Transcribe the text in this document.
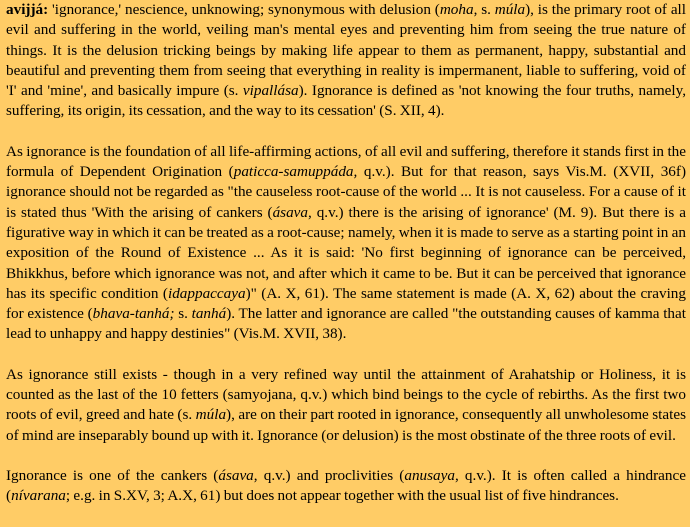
avijjá: 'ignorance,' nescience, unknowing; synonymous with delusion (moha, s. múla), is the primary root of all evil and suffering in the world, veiling man's mental eyes and preventing him from seeing the true nature of things. It is the delusion tricking beings by making life appear to them as permanent, happy, substantial and beautiful and preventing them from seeing that everything in reality is impermanent, liable to suffering, void of 'I' and 'mine', and basically impure (s. vipallása). Ignorance is defined as 'not knowing the four truths, namely, suffering, its origin, its cessation, and the way to its cessation' (S. XII, 4).

As ignorance is the foundation of all life-affirming actions, of all evil and suffering, therefore it stands first in the formula of Dependent Origination (paticca-samuppáda, q.v.). But for that reason, says Vis.M. (XVII, 36f) ignorance should not be regarded as "the causeless root-cause of the world ... It is not causeless. For a cause of it is stated thus 'With the arising of cankers (ásava, q.v.) there is the arising of ignorance' (M. 9). But there is a figurative way in which it can be treated as a root-cause; namely, when it is made to serve as a starting point in an exposition of the Round of Existence ... As it is said: 'No first beginning of ignorance can be perceived, Bhikkhus, before which ignorance was not, and after which it came to be. But it can be perceived that ignorance has its specific condition (idappaccaya)" (A. X, 61). The same statement is made (A. X, 62) about the craving for existence (bhava-tanhá; s. tanhá). The latter and ignorance are called "the outstanding causes of kamma that lead to unhappy and happy destinies" (Vis.M. XVII, 38).

As ignorance still exists - though in a very refined way until the attainment of Arahatship or Holiness, it is counted as the last of the 10 fetters (samyojana, q.v.) which bind beings to the cycle of rebirths. As the first two roots of evil, greed and hate (s. múla), are on their part rooted in ignorance, consequently all unwholesome states of mind are inseparably bound up with it. Ignorance (or delusion) is the most obstinate of the three roots of evil.

Ignorance is one of the cankers (ásava, q.v.) and proclivities (anusaya, q.v.). It is often called a hindrance (nívarana; e.g. in S.XV, 3; A.X, 61) but does not appear together with the usual list of five hindrances.
